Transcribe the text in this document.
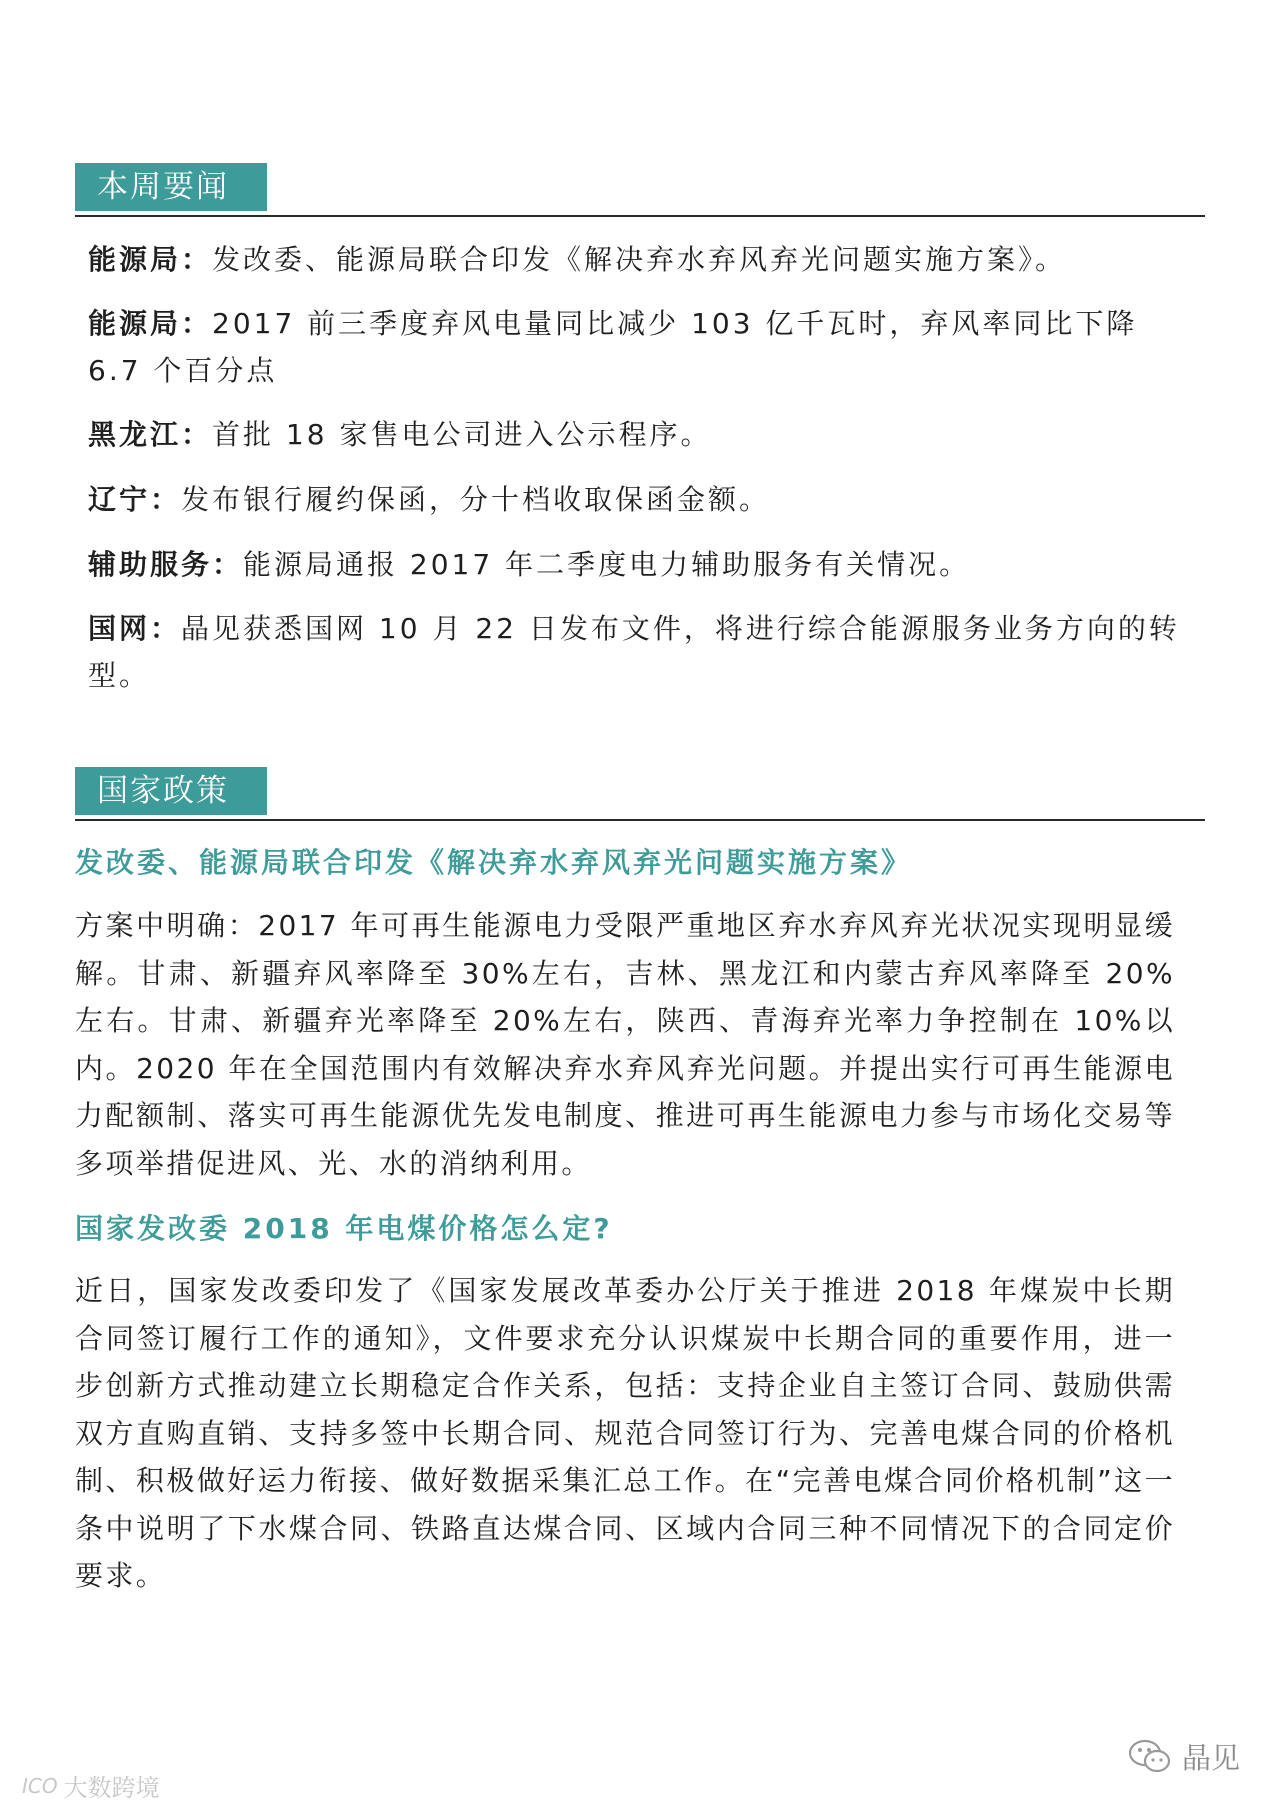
本周要闻

能源局：发改委、能源局联合印发《解决弃水弃风弃光问题实施方案》。

能源局：2017 前三季度弃风电量同比减少 103 亿千瓦时，弃风率同比下降 6.7 个百分点

黑龙江：首批 18 家售电公司进入公示程序。

辽宁：发布银行履约保函，分十档收取保函金额。

辅助服务：能源局通报 2017 年二季度电力辅助服务有关情况。

国网：晶见获悉国网 10 月 22 日发布文件，将进行综合能源服务业务方向的转型。

国家政策
发改委、能源局联合印发《解决弃水弃风弃光问题实施方案》

方案中明确：2017 年可再生能源电力受限严重地区弃水弃风弃光状况实现明显缓解。甘肃、新疆弃风率降至 30%左右，吉林、黑龙江和内蒙古弃风率降至 20%左右。甘肃、新疆弃光率降至 20%左右，陕西、青海弃光率力争控制在 10%以内。2020 年在全国范围内有效解决弃水弃风弃光问题。并提出实行可再生能源电力配额制、落实可再生能源优先发电制度、推进可再生能源电力参与市场化交易等多项举措促进风、光、水的消纳利用。

国家发改委 2018 年电煤价格怎么定?

近日，国家发改委印发了《国家发展改革委办公厅关于推进 2018 年煤炭中长期合同签订履行工作的通知》，文件要求充分认识煤炭中长期合同的重要作用，进一步创新方式推动建立长期稳定合作关系，包括：支持企业自主签订合同、鼓励供需双方直购直销、支持多签中长期合同、规范合同签订行为、完善电煤合同的价格机制、积极做好运力衔接、做好数据采集汇总工作。在“完善电煤合同价格机制”这一条中说明了下水煤合同、铁路直达煤合同、区域内合同三种不同情况下的合同定价要求。

晶见
ICO 大数跨境
